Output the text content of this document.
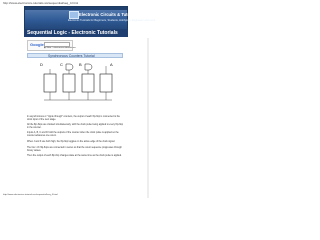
http://www.electronics-tutorials.ws/sequential/seq_4.html
Electronic Circuits & Tutorials
Electronic Tutorials for Beginners, Students, Hobbyists, Engineers and more
Sequential Logic - Electronic Tutorials
Google
◉ Web ○ electronics-tutorials.ws
Synchronous Counters Tutorial
D	C	B	A
In asynchronous or "ripple through" counters, the output of each flip-flop is connected to the clock input of the next stage.
All the flip-flops are clocked simultaneously, with the clock pulse being applied to every flip-flop in the counter.
Inputs A, B, C and D hold the outputs of the counter when the clock pulse is applied so the counter advances one count.
When J and K are both high, the flip-flop toggles on the active edge of the clock signal.
The four J-K flip-flops are connected in series so that the count sequence progresses through binary values.
Then the output of each flip-flop changes state at the same time as the clock pulse is applied.
http://www.electronics-tutorials.ws/sequential/seq_4.html
